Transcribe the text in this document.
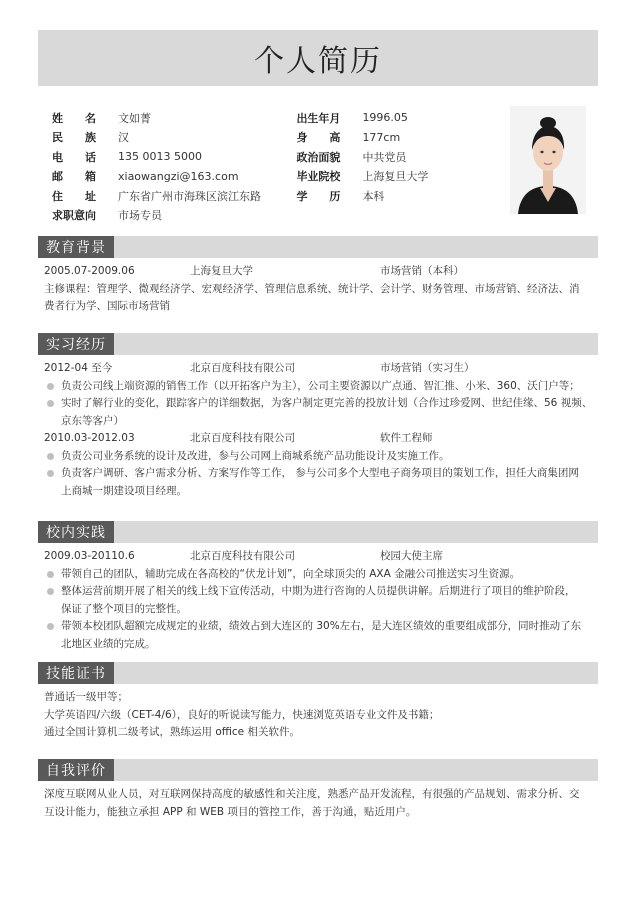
个人简历
姓　　名	文如菁	出生年月	1996.05
民　　族	汉	身　　高	177cm
电　　话	135 0013 5000	政治面貌	中共党员
邮　　箱	xiaowangzi@163.com	毕业院校	上海复旦大学
住　　址	广东省广州市海珠区滨江东路	学　　历	本科
求职意向	市场专员
教育背景
2005.07-2009.06	上海复旦大学	市场营销（本科）
主修课程：管理学、微观经济学、宏观经济学、管理信息系统、统计学、会计学、财务管理、市场营销、经济法、消
费者行为学、国际市场营销
实习经历
2012-04 至今	北京百度科技有限公司	市场营销（实习生）
负责公司线上端资源的销售工作（以开拓客户为主），公司主要资源以广点通、智汇推、小米、360、沃门户等；
实时了解行业的变化，跟踪客户的详细数据，为客户制定更完善的投放计划（合作过珍爱网、世纪佳缘、56 视频、
京东等客户）
2010.03-2012.03	北京百度科技有限公司	软件工程师
负责公司业务系统的设计及改进，参与公司网上商城系统产品功能设计及实施工作。
负责客户调研、客户需求分析、方案写作等工作， 参与公司多个大型电子商务项目的策划工作，担任大商集团网
上商城一期建设项目经理。
校内实践
2009.03-20110.6	北京百度科技有限公司	校园大使主席
带领自己的团队，辅助完成在各高校的“伏龙计划”，向全球顶尖的 AXA 金融公司推送实习生资源。
整体运营前期开展了相关的线上线下宣传活动，中期为进行咨询的人员提供讲解。后期进行了项目的维护阶段，
保证了整个项目的完整性。
带领本校团队超额完成规定的业绩，绩效占到大连区的 30%左右，是大连区绩效的重要组成部分，同时推动了东
北地区业绩的完成。
技能证书
普通话一级甲等；
大学英语四/六级（CET-4/6），良好的听说读写能力，快速浏览英语专业文件及书籍；
通过全国计算机二级考试，熟练运用 office 相关软件。
自我评价
深度互联网从业人员，对互联网保持高度的敏感性和关注度，熟悉产品开发流程，有很强的产品规划、需求分析、交
互设计能力，能独立承担 APP 和 WEB 项目的管控工作，善于沟通，贴近用户。
